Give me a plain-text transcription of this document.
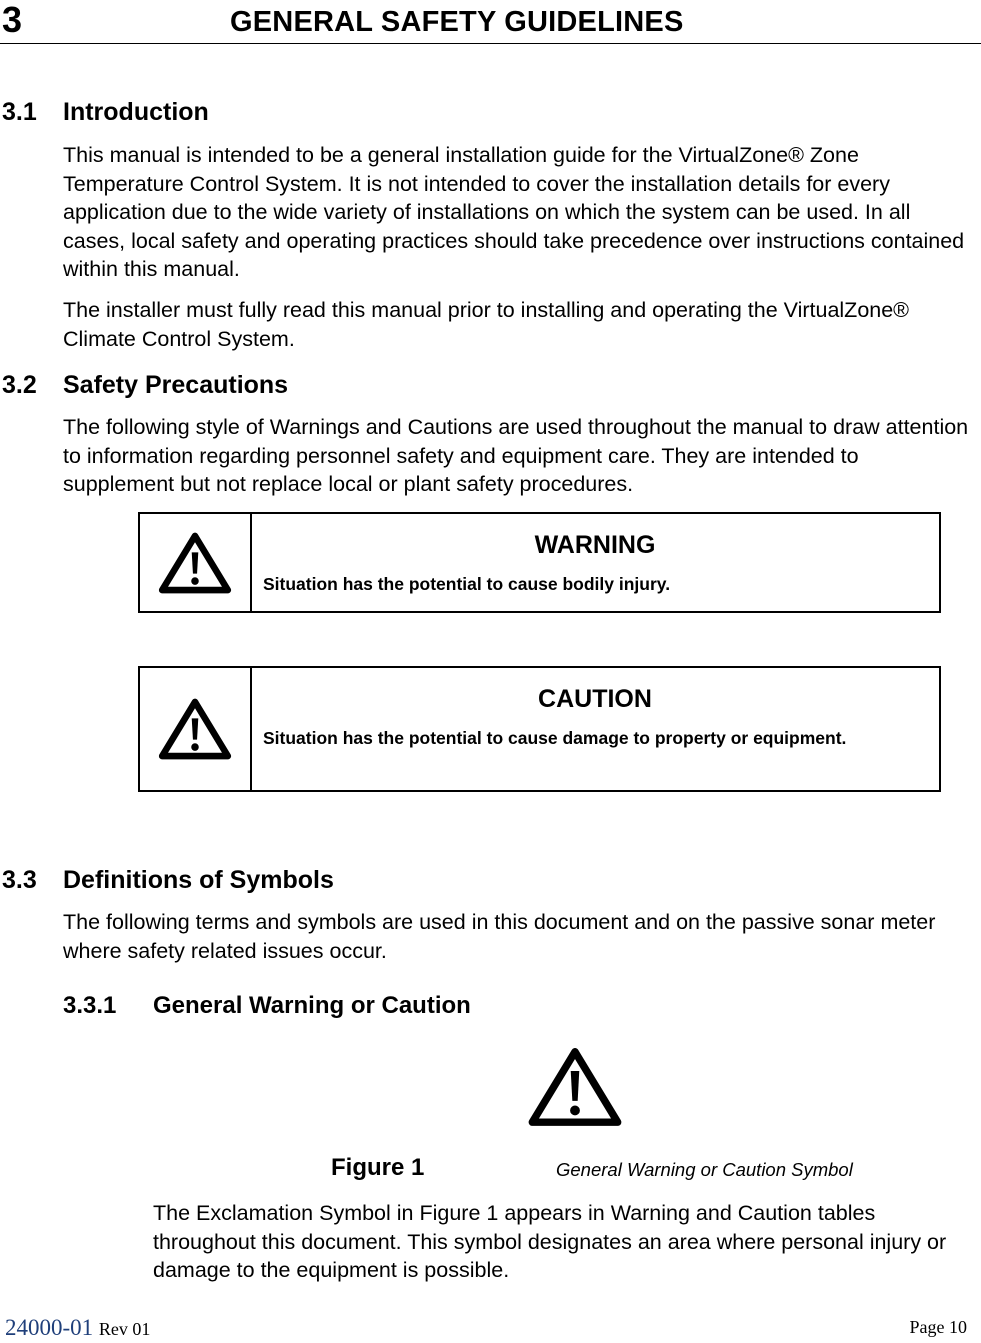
3	GENERAL SAFETY GUIDELINES
3.1 Introduction

This manual is intended to be a general installation guide for the VirtualZone® Zone Temperature Control System. It is not intended to cover the installation details for every application due to the wide variety of installations on which the system can be used. In all cases, local safety and operating practices should take precedence over instructions contained within this manual.

The installer must fully read this manual prior to installing and operating the VirtualZone® Climate Control System.

3.2 Safety Precautions

The following style of Warnings and Cautions are used throughout the manual to draw attention to information regarding personnel safety and equipment care. They are intended to supplement but not replace local or plant safety procedures.

WARNING
Situation has the potential to cause bodily injury.
CAUTION
Situation has the potential to cause damage to property or equipment.
3.3 Definitions of Symbols

The following terms and symbols are used in this document and on the passive sonar meter where safety related issues occur.

3.3.1 General Warning or Caution
Figure 1	General Warning or Caution Symbol

The Exclamation Symbol in Figure 1 appears in Warning and Caution tables throughout this document. This symbol designates an area where personal injury or damage to the equipment is possible.

24000-01 Rev 01	Page 10
